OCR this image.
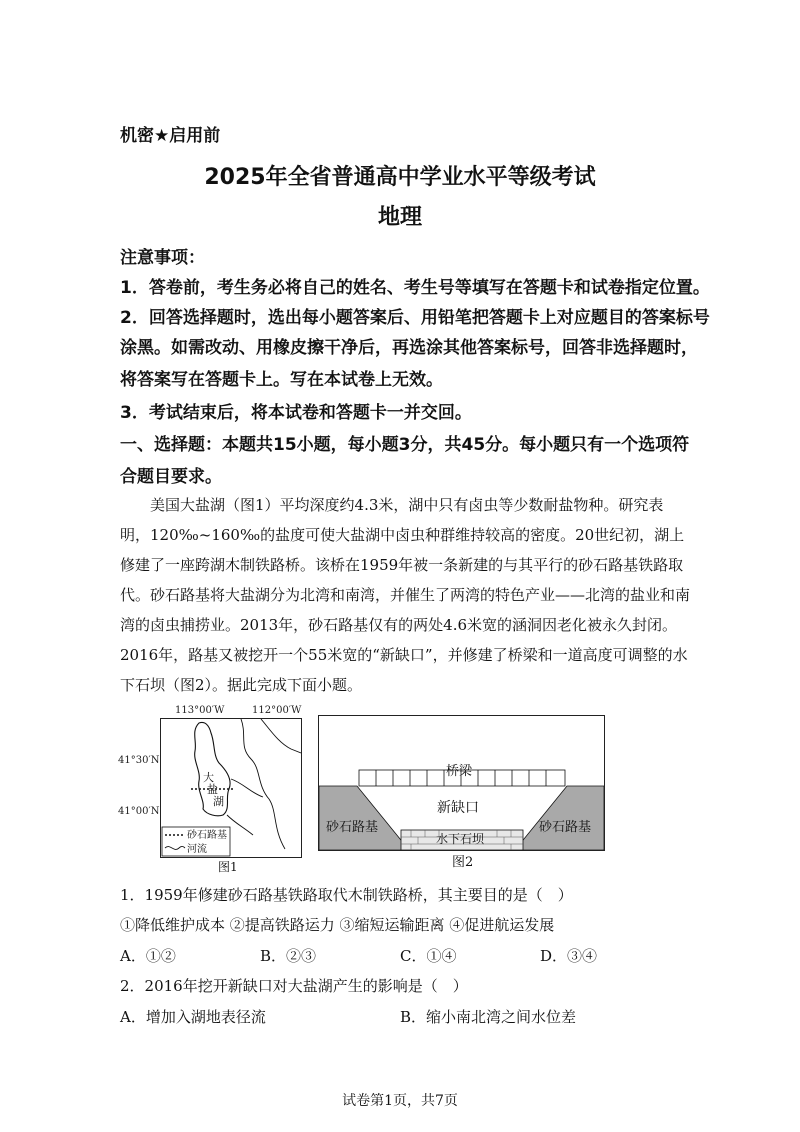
机密★启用前
2025年全省普通高中学业水平等级考试
地理
注意事项：
1．答卷前，考生务必将自己的姓名、考生号等填写在答题卡和试卷指定位置。
2．回答选择题时，选出每小题答案后、用铅笔把答题卡上对应题目的答案标号
涂黑。如需改动、用橡皮擦干净后，再选涂其他答案标号，回答非选择题时，
将答案写在答题卡上。写在本试卷上无效。
3．考试结束后，将本试卷和答题卡一并交回。
一、选择题：本题共15小题，每小题3分，共45分。每小题只有一个选项符
合题目要求。
美国大盐湖（图1）平均深度约4.3米，湖中只有卤虫等少数耐盐物种。研究表明，120‰~160‰的盐度可使大盐湖中卤虫种群维持较高的密度。20世纪初，湖上修建了一座跨湖木制铁路桥。该桥在1959年被一条新建的与其平行的砂石路基铁路取代。砂石路基将大盐湖分为北湾和南湾，并催生了两湾的特色产业——北湾的盐业和南湾的卤虫捕捞业。2013年，砂石路基仅有的两处4.6米宽的涵洞因老化被永久封闭。2016年，路基又被挖开一个55米宽的“新缺口”，并修建了桥梁和一道高度可调整的水下石坝（图2）。据此完成下面小题。
113°00′W	112°00′W
41°30′N
41°00′N
大
盐
湖
砂石路基
河流
图1
桥梁
新缺口
砂石路基	砂石路基
水下石坝
图2
1．1959年修建砂石路基铁路取代木制铁路桥，其主要目的是（　）
①降低维护成本 ②提高铁路运力 ③缩短运输距离 ④促进航运发展
A．①②	B．②③	C．①④	D．③④
2．2016年挖开新缺口对大盐湖产生的影响是（　）
A．增加入湖地表径流	B．缩小南北湾之间水位差
试卷第1页，共7页
